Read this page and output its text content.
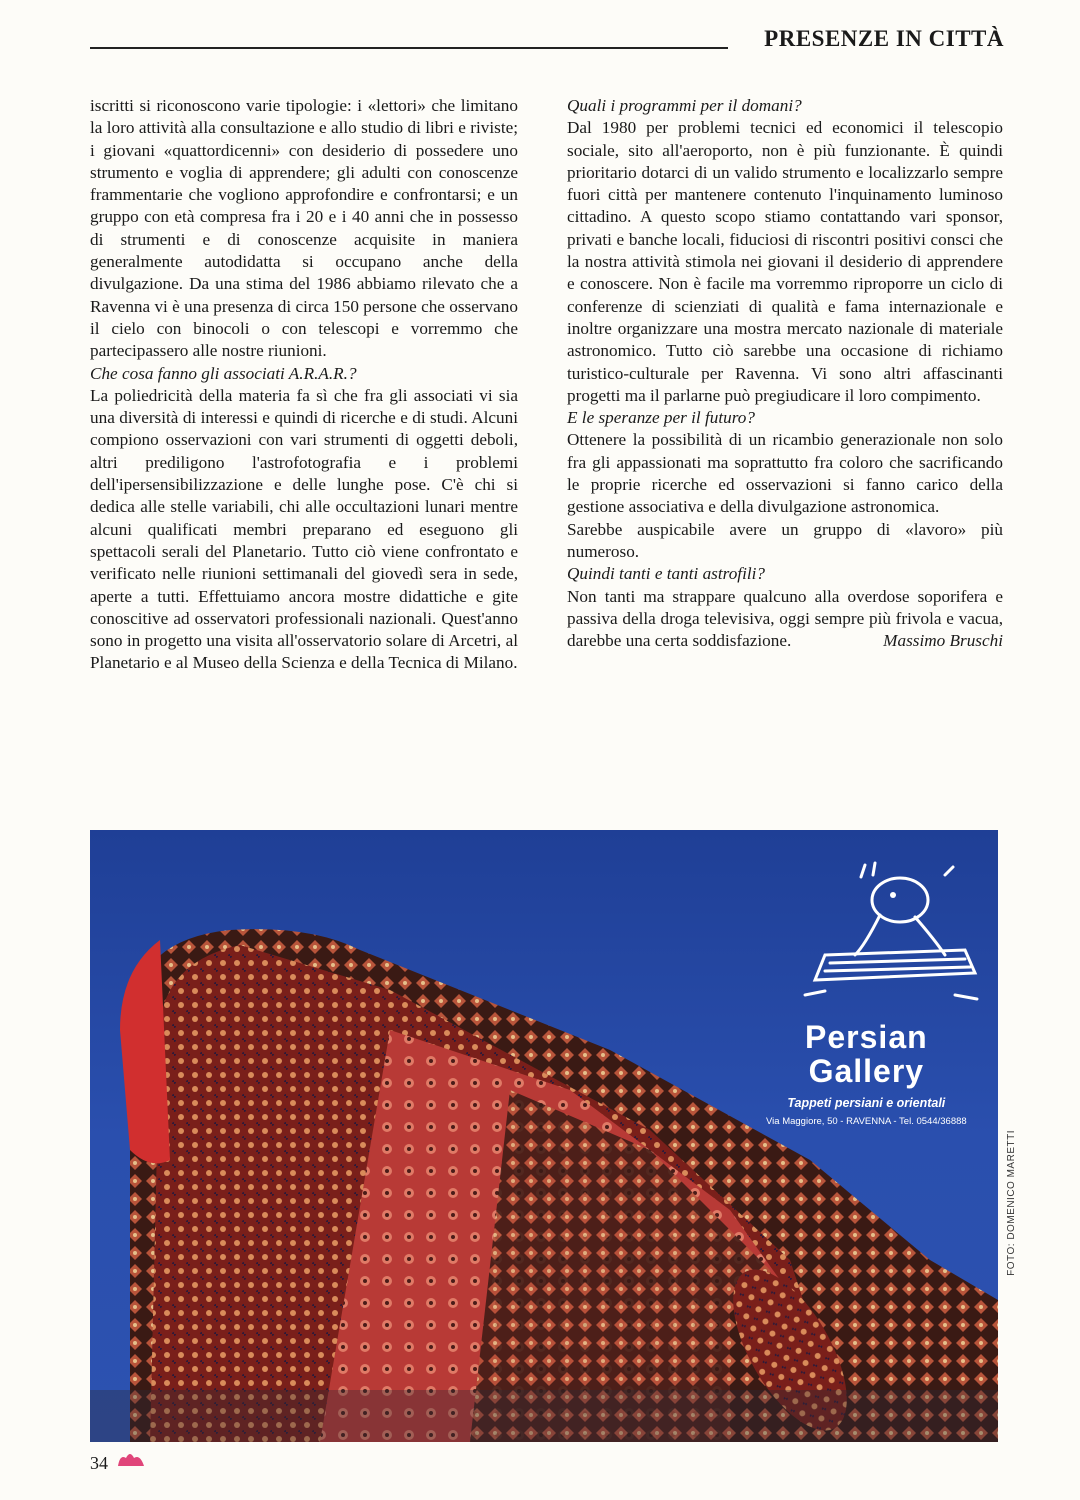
PRESENZE IN CITTÀ

iscritti si riconoscono varie tipologie: i «lettori» che limitano la loro attività alla consultazione e allo studio di libri e riviste; i giovani «quattordicenni» con desiderio di possedere uno strumento e voglia di apprendere; gli adulti con conoscenze frammentarie che vogliono approfondire e confrontarsi; e un gruppo con età compresa fra i 20 e i 40 anni che in possesso di strumenti e di conoscenze acquisite in maniera generalmente autodidatta si occupano anche della divulgazione. Da una stima del 1986 abbiamo rilevato che a Ravenna vi è una presenza di circa 150 persone che osservano il cielo con binocoli o con telescopi e vorremmo che partecipassero alle nostre riunioni.

Che cosa fanno gli associati A.R.A.R.?

La poliedricità della materia fa sì che fra gli associati vi sia una diversità di interessi e quindi di ricerche e di studi. Alcuni compiono osservazioni con vari strumenti di oggetti deboli, altri prediligono l'astrofotografia e i problemi dell'ipersensibilizzazione e delle lunghe pose. C'è chi si dedica alle stelle variabili, chi alle occultazioni lunari mentre alcuni qualificati membri preparano ed eseguono gli spettacoli serali del Planetario. Tutto ciò viene confrontato e verificato nelle riunioni settimanali del giovedì sera in sede, aperte a tutti. Effettuiamo ancora mostre didattiche e gite conoscitive ad osservatori professionali nazionali. Quest'anno sono in progetto una visita all'osservatorio solare di Arcetri, al Planetario e al Museo della Scienza e della Tecnica di Milano.

Quali i programmi per il domani?

Dal 1980 per problemi tecnici ed economici il telescopio sociale, sito all'aeroporto, non è più funzionante. È quindi prioritario dotarci di un valido strumento e localizzarlo sempre fuori città per mantenere contenuto l'inquinamento luminoso cittadino. A questo scopo stiamo contattando vari sponsor, privati e banche locali, fiduciosi di riscontri positivi consci che la nostra attività stimola nei giovani il desiderio di apprendere e conoscere. Non è facile ma vorremmo riproporre un ciclo di conferenze di scienziati di qualità e fama internazionale e inoltre organizzare una mostra mercato nazionale di materiale astronomico. Tutto ciò sarebbe una occasione di richiamo turistico-culturale per Ravenna. Vi sono altri affascinanti progetti ma il parlarne può pregiudicare il loro compimento.

E le speranze per il futuro?

Ottenere la possibilità di un ricambio generazionale non solo fra gli appassionati ma soprattutto fra coloro che sacrificando le proprie ricerche ed osservazioni si fanno carico della gestione associativa e della divulgazione astronomica.

Sarebbe auspicabile avere un gruppo di «lavoro» più numeroso.

Quindi tanti e tanti astrofili?

Non tanti ma strappare qualcuno alla overdose soporifera e passiva della droga televisiva, oggi sempre più frivola e vacua, darebbe una certa soddisfazione.	Massimo Bruschi

Persian
Gallery
Tappeti persiani e orientali
Via Maggiore, 50 - RAVENNA - Tel. 0544/36888
FOTO: DOMENICO MARETTI
34
